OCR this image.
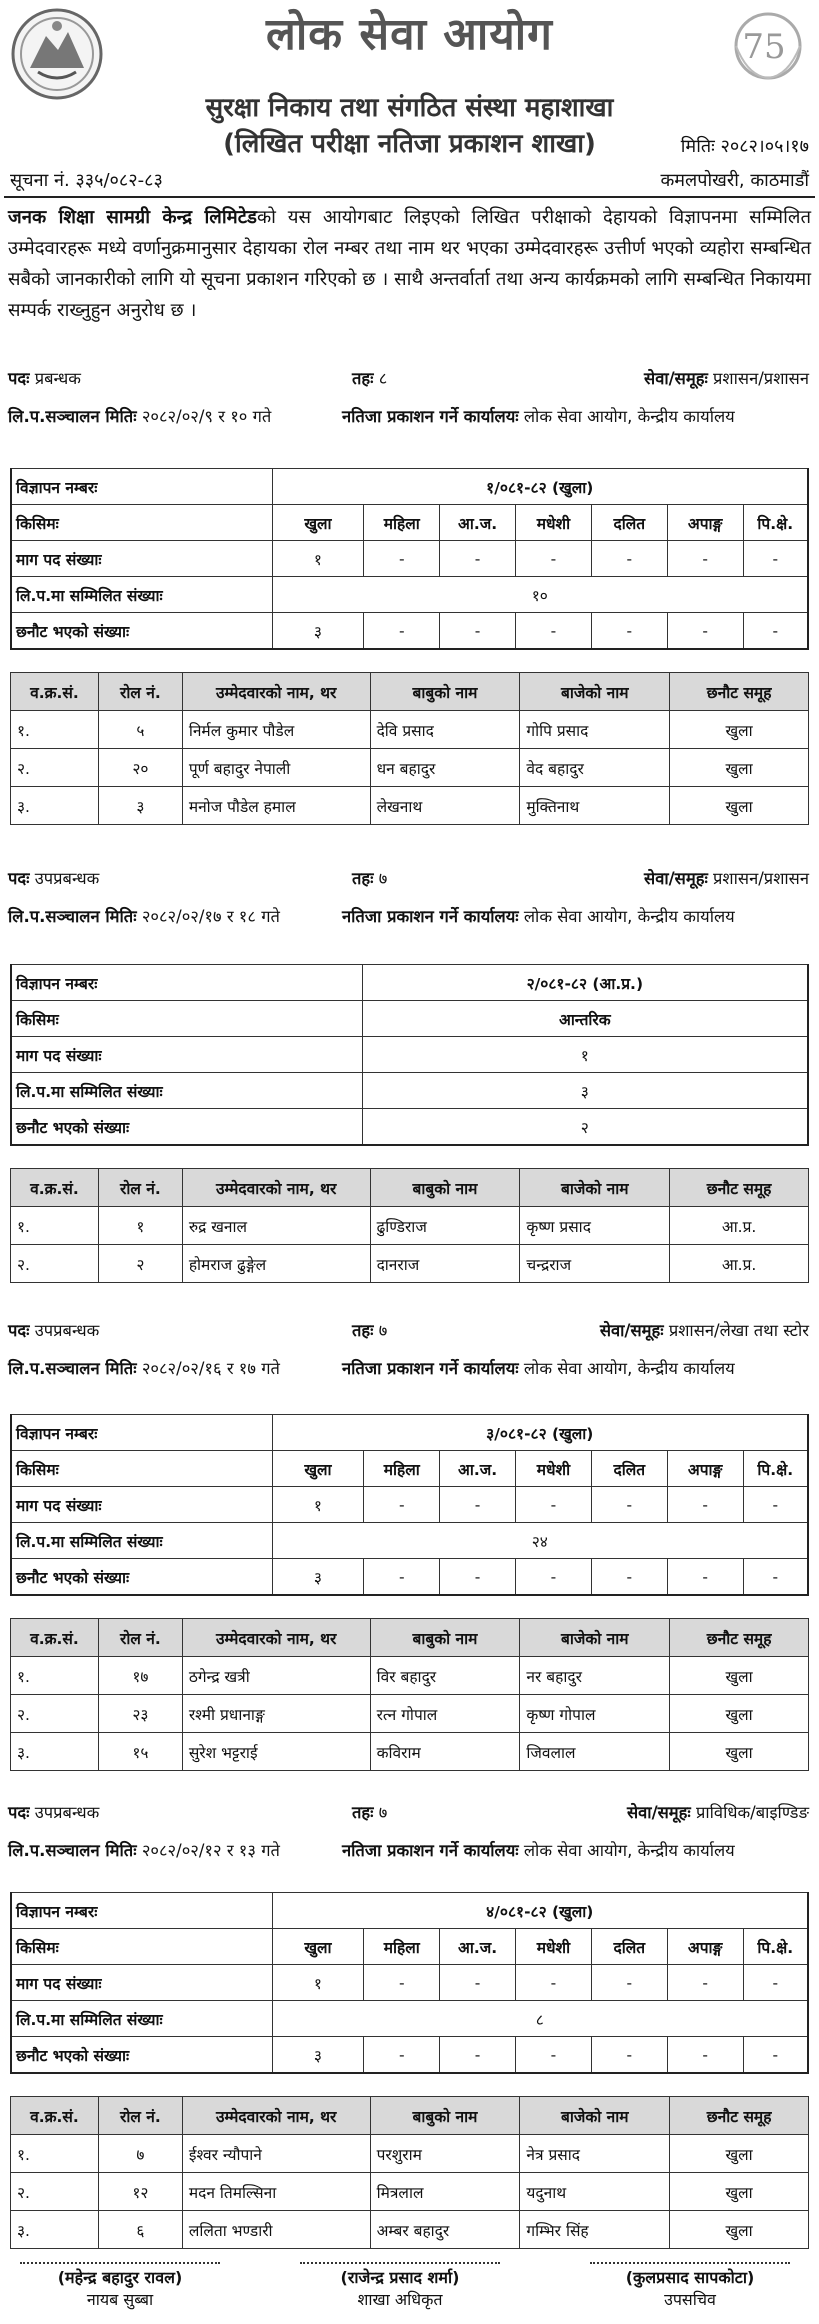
लोक सेवा आयोग	75
सुरक्षा निकाय तथा संगठित संस्था महाशाखा
(लिखित परीक्षा नतिजा प्रकाशन शाखा)	मितिः २०८२।०५।१७
सूचना नं. ३३५/०८२-८३	कमलपोखरी, काठमाडौं
जनक शिक्षा सामग्री केन्द्र लिमिटेडको यस आयोगबाट लिइएको लिखित परीक्षाको देहायको विज्ञापनमा सम्मिलित उम्मेदवारहरू मध्ये वर्णानुक्रमानुसार देहायका रोल नम्बर तथा नाम थर भएका उम्मेदवारहरू उत्तीर्ण भएको व्यहोरा सम्बन्धित सबैको जानकारीको लागि यो सूचना प्रकाशन गरिएको छ । साथै अन्तर्वार्ता तथा अन्य कार्यक्रमको लागि सम्बन्धित निकायमा सम्पर्क राख्नुहुन अनुरोध छ ।
पदः प्रबन्धक	तहः ८	सेवा/समूहः प्रशासन/प्रशासन
लि.प.सञ्चालन मितिः २०८२/०२/९ र १० गते	नतिजा प्रकाशन गर्ने कार्यालयः लोक सेवा आयोग, केन्द्रीय कार्यालय
विज्ञापन नम्बरः	१/०८१-८२ (खुला)						
किसिमः	खुला	महिला	आ.ज.	मधेशी	दलित	अपाङ्ग	पि.क्षे.
माग पद संख्याः	१	-	-	-	-	-	-
लि.प.मा सम्मिलित संख्याः	१०						
छनौट भएको संख्याः	३	-	-	-	-	-	-
व.क्र.सं.	रोल नं.	उम्मेदवारको नाम, थर	बाबुको नाम	बाजेको नाम	छनौट समूह
१.	५	निर्मल कुमार पौडेल	देवि प्रसाद	गोपि प्रसाद	खुला
२.	२०	पूर्ण बहादुर नेपाली	धन बहादुर	वेद बहादुर	खुला
३.	३	मनोज पौडेल हमाल	लेखनाथ	मुक्तिनाथ	खुला
पदः उपप्रबन्धक	तहः ७	सेवा/समूहः प्रशासन/प्रशासन
लि.प.सञ्चालन मितिः २०८२/०२/१७ र १८ गते	नतिजा प्रकाशन गर्ने कार्यालयः लोक सेवा आयोग, केन्द्रीय कार्यालय
विज्ञापन नम्बरः	२/०८१-८२ (आ.प्र.)
किसिमः	आन्तरिक
माग पद संख्याः	१
लि.प.मा सम्मिलित संख्याः	३
छनौट भएको संख्याः	२
व.क्र.सं.	रोल नं.	उम्मेदवारको नाम, थर	बाबुको नाम	बाजेको नाम	छनौट समूह
१.	१	रुद्र खनाल	ढुण्डिराज	कृष्ण प्रसाद	आ.प्र.
२.	२	होमराज ढुङ्गेल	दानराज	चन्द्रराज	आ.प्र.
पदः उपप्रबन्धक	तहः ७	सेवा/समूहः प्रशासन/लेखा तथा स्टोर
लि.प.सञ्चालन मितिः २०८२/०२/१६ र १७ गते	नतिजा प्रकाशन गर्ने कार्यालयः लोक सेवा आयोग, केन्द्रीय कार्यालय
विज्ञापन नम्बरः	३/०८१-८२ (खुला)						
किसिमः	खुला	महिला	आ.ज.	मधेशी	दलित	अपाङ्ग	पि.क्षे.
माग पद संख्याः	१	-	-	-	-	-	-
लि.प.मा सम्मिलित संख्याः	२४						
छनौट भएको संख्याः	३	-	-	-	-	-	-
व.क्र.सं.	रोल नं.	उम्मेदवारको नाम, थर	बाबुको नाम	बाजेको नाम	छनौट समूह
१.	१७	ठगेन्द्र खत्री	विर बहादुर	नर बहादुर	खुला
२.	२३	रश्मी प्रधानाङ्ग	रत्न गोपाल	कृष्ण गोपाल	खुला
३.	१५	सुरेश भट्टराई	कविराम	जिवलाल	खुला
पदः उपप्रबन्धक	तहः ७	सेवा/समूहः प्राविधिक/बाइण्डिङ
लि.प.सञ्चालन मितिः २०८२/०२/१२ र १३ गते	नतिजा प्रकाशन गर्ने कार्यालयः लोक सेवा आयोग, केन्द्रीय कार्यालय
विज्ञापन नम्बरः	४/०८१-८२ (खुला)						
किसिमः	खुला	महिला	आ.ज.	मधेशी	दलित	अपाङ्ग	पि.क्षे.
माग पद संख्याः	१	-	-	-	-	-	-
लि.प.मा सम्मिलित संख्याः	८						
छनौट भएको संख्याः	३	-	-	-	-	-	-
व.क्र.सं.	रोल नं.	उम्मेदवारको नाम, थर	बाबुको नाम	बाजेको नाम	छनौट समूह
१.	७	ईश्वर न्यौपाने	परशुराम	नेत्र प्रसाद	खुला
२.	१२	मदन तिमल्सिना	मित्रलाल	यदुनाथ	खुला
३.	६	ललिता भण्डारी	अम्बर बहादुर	गम्भिर सिंह	खुला
(महेन्द्र बहादुर रावल)
नायब सुब्बा
(राजेन्द्र प्रसाद शर्मा)
शाखा अधिकृत
(कुलप्रसाद सापकोटा)
उपसचिव
